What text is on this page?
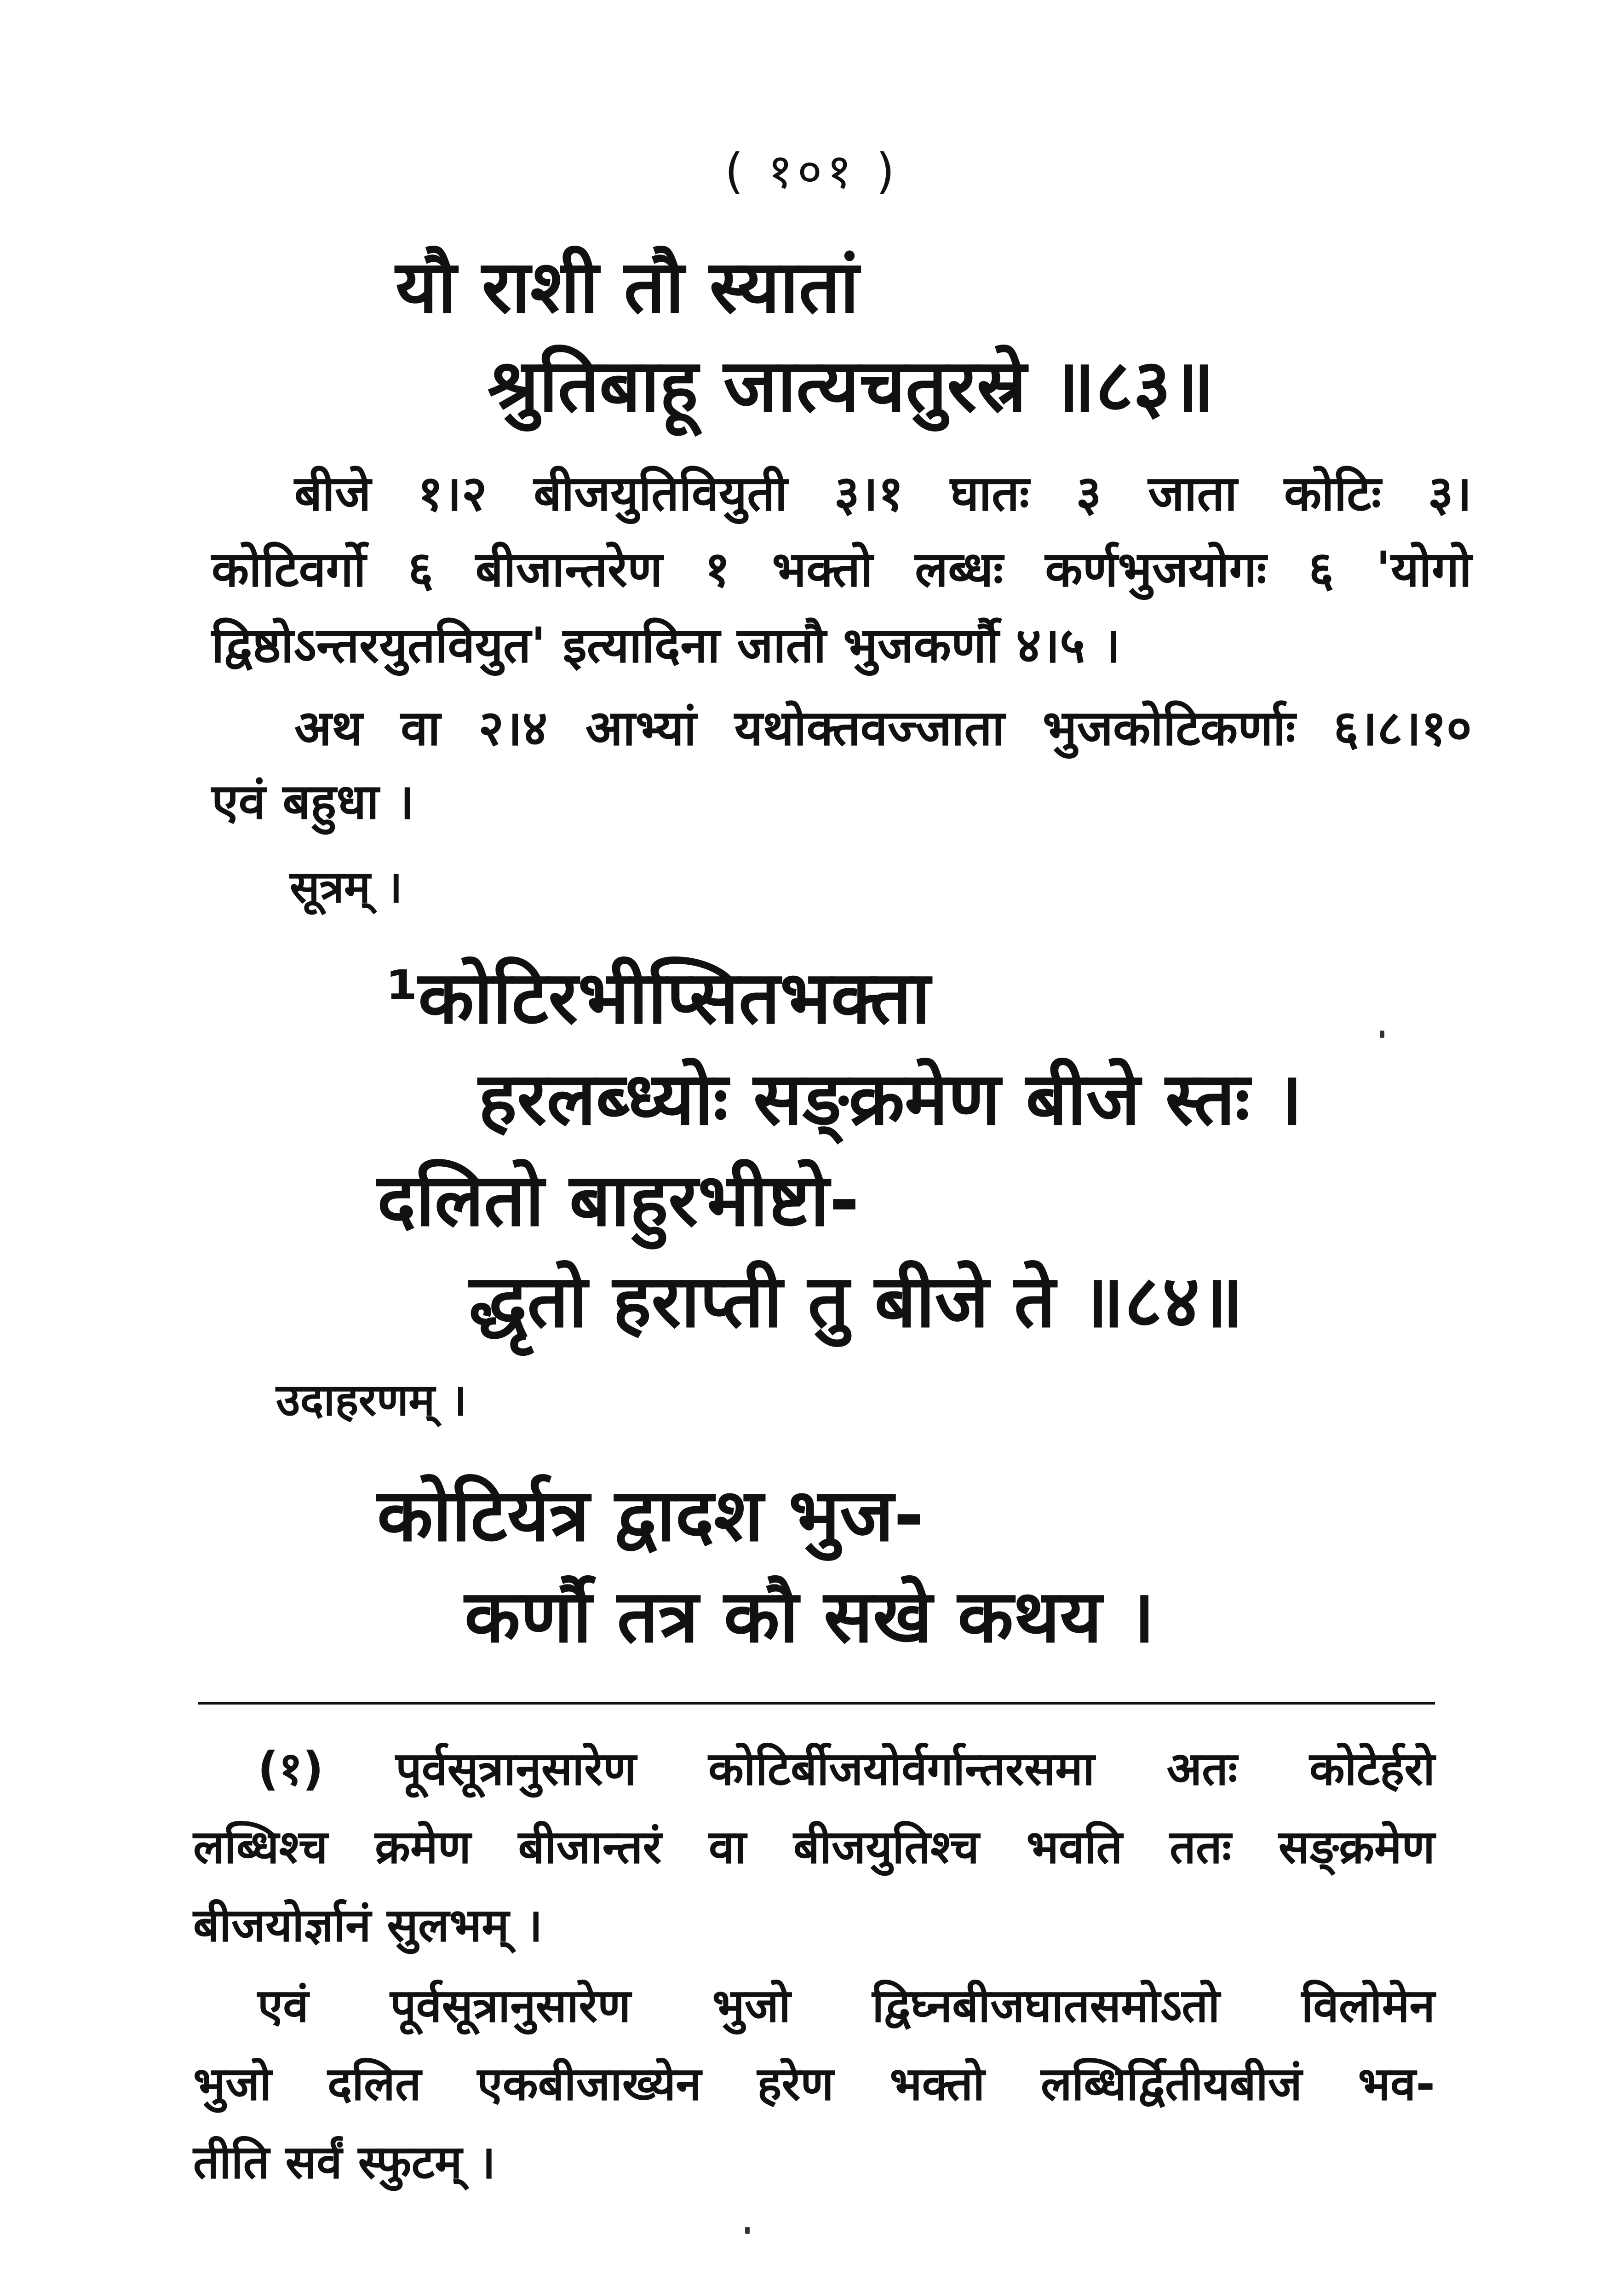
( १०१ )
यौ राशी तौ स्यातां
श्रुतिबाहू जात्यचतुरस्रे ॥८३॥
बीजे १।२ बीजयुतिवियुती ३।१ घातः ३ जाता कोटिः ३।
कोटिवर्गो ६ बीजान्तरेण १ भक्तो लब्धः कर्णभुजयोगः ६ 'योगो
द्विष्ठोऽन्तरयुतवियुत' इत्यादिना जातौ भुजकर्णौ ४।५ ।
अथ वा २।४ आभ्यां यथोक्तवज्जाता भुजकोटिकर्णाः ६।८।१०
एवं बहुधा ।
सूत्रम् ।
¹कोटिरभीप्सितभक्ता
हरलब्ध्योः सङ्क्रमेण बीजे स्तः ।
दलितो बाहुरभीष्टो-
द्धृतो हराप्ती तु बीजे ते ॥८४॥
उदाहरणम् ।
कोटिर्यत्र द्वादश भुज-
कर्णौ तत्र कौ सखे कथय ।
(१) पूर्वसूत्रानुसारेण कोटिर्बीजयोर्वर्गान्तरसमा अतः कोटेर्हरो
लब्धिश्च क्रमेण बीजान्तरं वा बीजयुतिश्च भवति ततः सङ्क्रमेण
बीजयोर्ज्ञानं सुलभम् ।
एवं पूर्वसूत्रानुसारेण भुजो द्विघ्नबीजघातसमोऽतो विलोमेन
भुजो दलित एकबीजाख्येन हरेण भक्तो लब्धिर्द्वितीयबीजं भव-
तीति सर्वं स्फुटम् ।
